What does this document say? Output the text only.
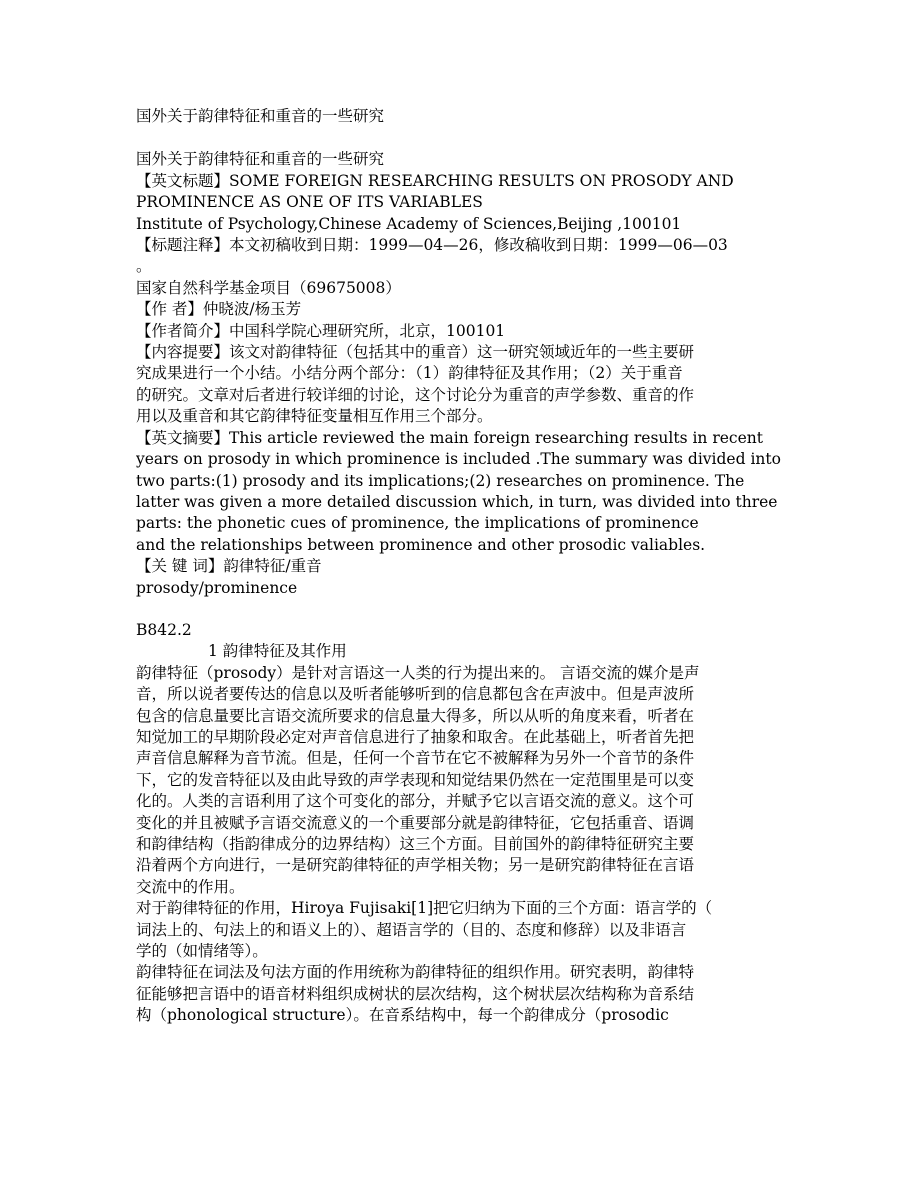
国外关于韵律特征和重音的一些研究
国外关于韵律特征和重音的一些研究
【英文标题】SOME FOREIGN RESEARCHING RESULTS ON PROSODY AND
PROMINENCE AS ONE OF ITS VARIABLES
Institute of Psychology,Chinese Academy of Sciences,Beijing ,100101
【标题注释】本文初稿收到日期：1999—04—26，修改稿收到日期：1999—06—03
。
国家自然科学基金项目（69675008）
【作 者】仲晓波/杨玉芳
【作者简介】中国科学院心理研究所，北京，100101
【内容提要】该文对韵律特征（包括其中的重音）这一研究领域近年的一些主要研
究成果进行一个小结。小结分两个部分：（1）韵律特征及其作用；（2）关于重音
的研究。文章对后者进行较详细的讨论，这个讨论分为重音的声学参数、重音的作
用以及重音和其它韵律特征变量相互作用三个部分。
【英文摘要】This article reviewed the main foreign researching results in recent
years on prosody in which prominence is included .The summary was divided into
two parts:(1) prosody and its implications;(2) researches on prominence. The
latter was given a more detailed discussion which, in turn, was divided into three
parts: the phonetic cues of prominence, the implications of prominence
and the relationships between prominence and other prosodic valiables.
【关 键 词】韵律特征/重音
prosody/prominence
B842.2
1 韵律特征及其作用
韵律特征（prosody）是针对言语这一人类的行为提出来的。 言语交流的媒介是声
音，所以说者要传达的信息以及听者能够听到的信息都包含在声波中。但是声波所
包含的信息量要比言语交流所要求的信息量大得多，所以从听的角度来看，听者在
知觉加工的早期阶段必定对声音信息进行了抽象和取舍。在此基础上，听者首先把
声音信息解释为音节流。但是，任何一个音节在它不被解释为另外一个音节的条件
下，它的发音特征以及由此导致的声学表现和知觉结果仍然在一定范围里是可以变
化的。人类的言语利用了这个可变化的部分，并赋予它以言语交流的意义。这个可
变化的并且被赋予言语交流意义的一个重要部分就是韵律特征，它包括重音、语调
和韵律结构（指韵律成分的边界结构）这三个方面。目前国外的韵律特征研究主要
沿着两个方向进行，一是研究韵律特征的声学相关物；另一是研究韵律特征在言语
交流中的作用。
对于韵律特征的作用，Hiroya Fujisaki[1]把它归纳为下面的三个方面：语言学的（
词法上的、句法上的和语义上的）、超语言学的（目的、态度和修辞）以及非语言
学的（如情绪等）。
韵律特征在词法及句法方面的作用统称为韵律特征的组织作用。研究表明，韵律特
征能够把言语中的语音材料组织成树状的层次结构，这个树状层次结构称为音系结
构（phonological structure）。在音系结构中，每一个韵律成分（prosodic
